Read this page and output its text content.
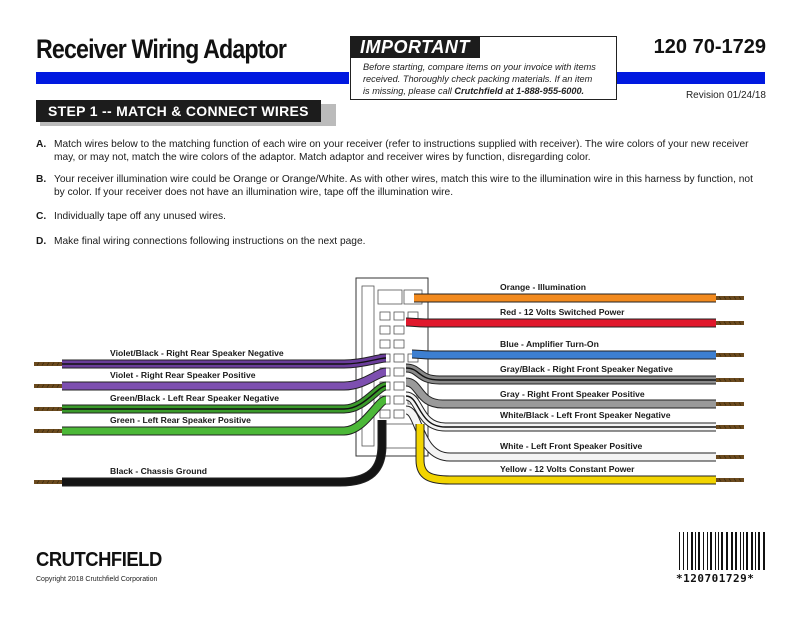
Receiver Wiring Adaptor	120 70-1729
IMPORTANT
Before starting, compare items on your invoice with items
received. Thoroughly check packing materials. If an item
is missing, please call Crutchfield at 1-888-955-6000.	Revision 01/24/18
STEP 1 -- MATCH & CONNECT WIRES
A. Match wires below to the matching function of each wire on your receiver (refer to instructions supplied with receiver). The wire colors of your new receiver may, or may not, match the wire colors of the adaptor. Match adaptor and receiver wires by function, disregarding color.
B. Your receiver illumination wire could be Orange or Orange/White. As with other wires, match this wire to the illumination wire in this harness by function, not by color. If your receiver does not have an illumination wire, tape off the illumination wire.
C. Individually tape off any unused wires.
D. Make final wiring connections following instructions on the next page.
Violet/Black - Right Rear Speaker Negative
Violet - Right Rear Speaker Positive
Green/Black - Left Rear Speaker Negative
Green - Left Rear Speaker Positive
Black - Chassis Ground
Orange - Illumination
Red - 12 Volts Switched Power
Blue - Amplifier Turn-On
Gray/Black - Right Front Speaker Negative
Gray - Right Front Speaker Positive
White/Black - Left Front Speaker Negative
White - Left Front Speaker Positive
Yellow - 12 Volts Constant Power
CRUTCHFIELD
Copyright 2018 Crutchfield Corporation	*120701729*
